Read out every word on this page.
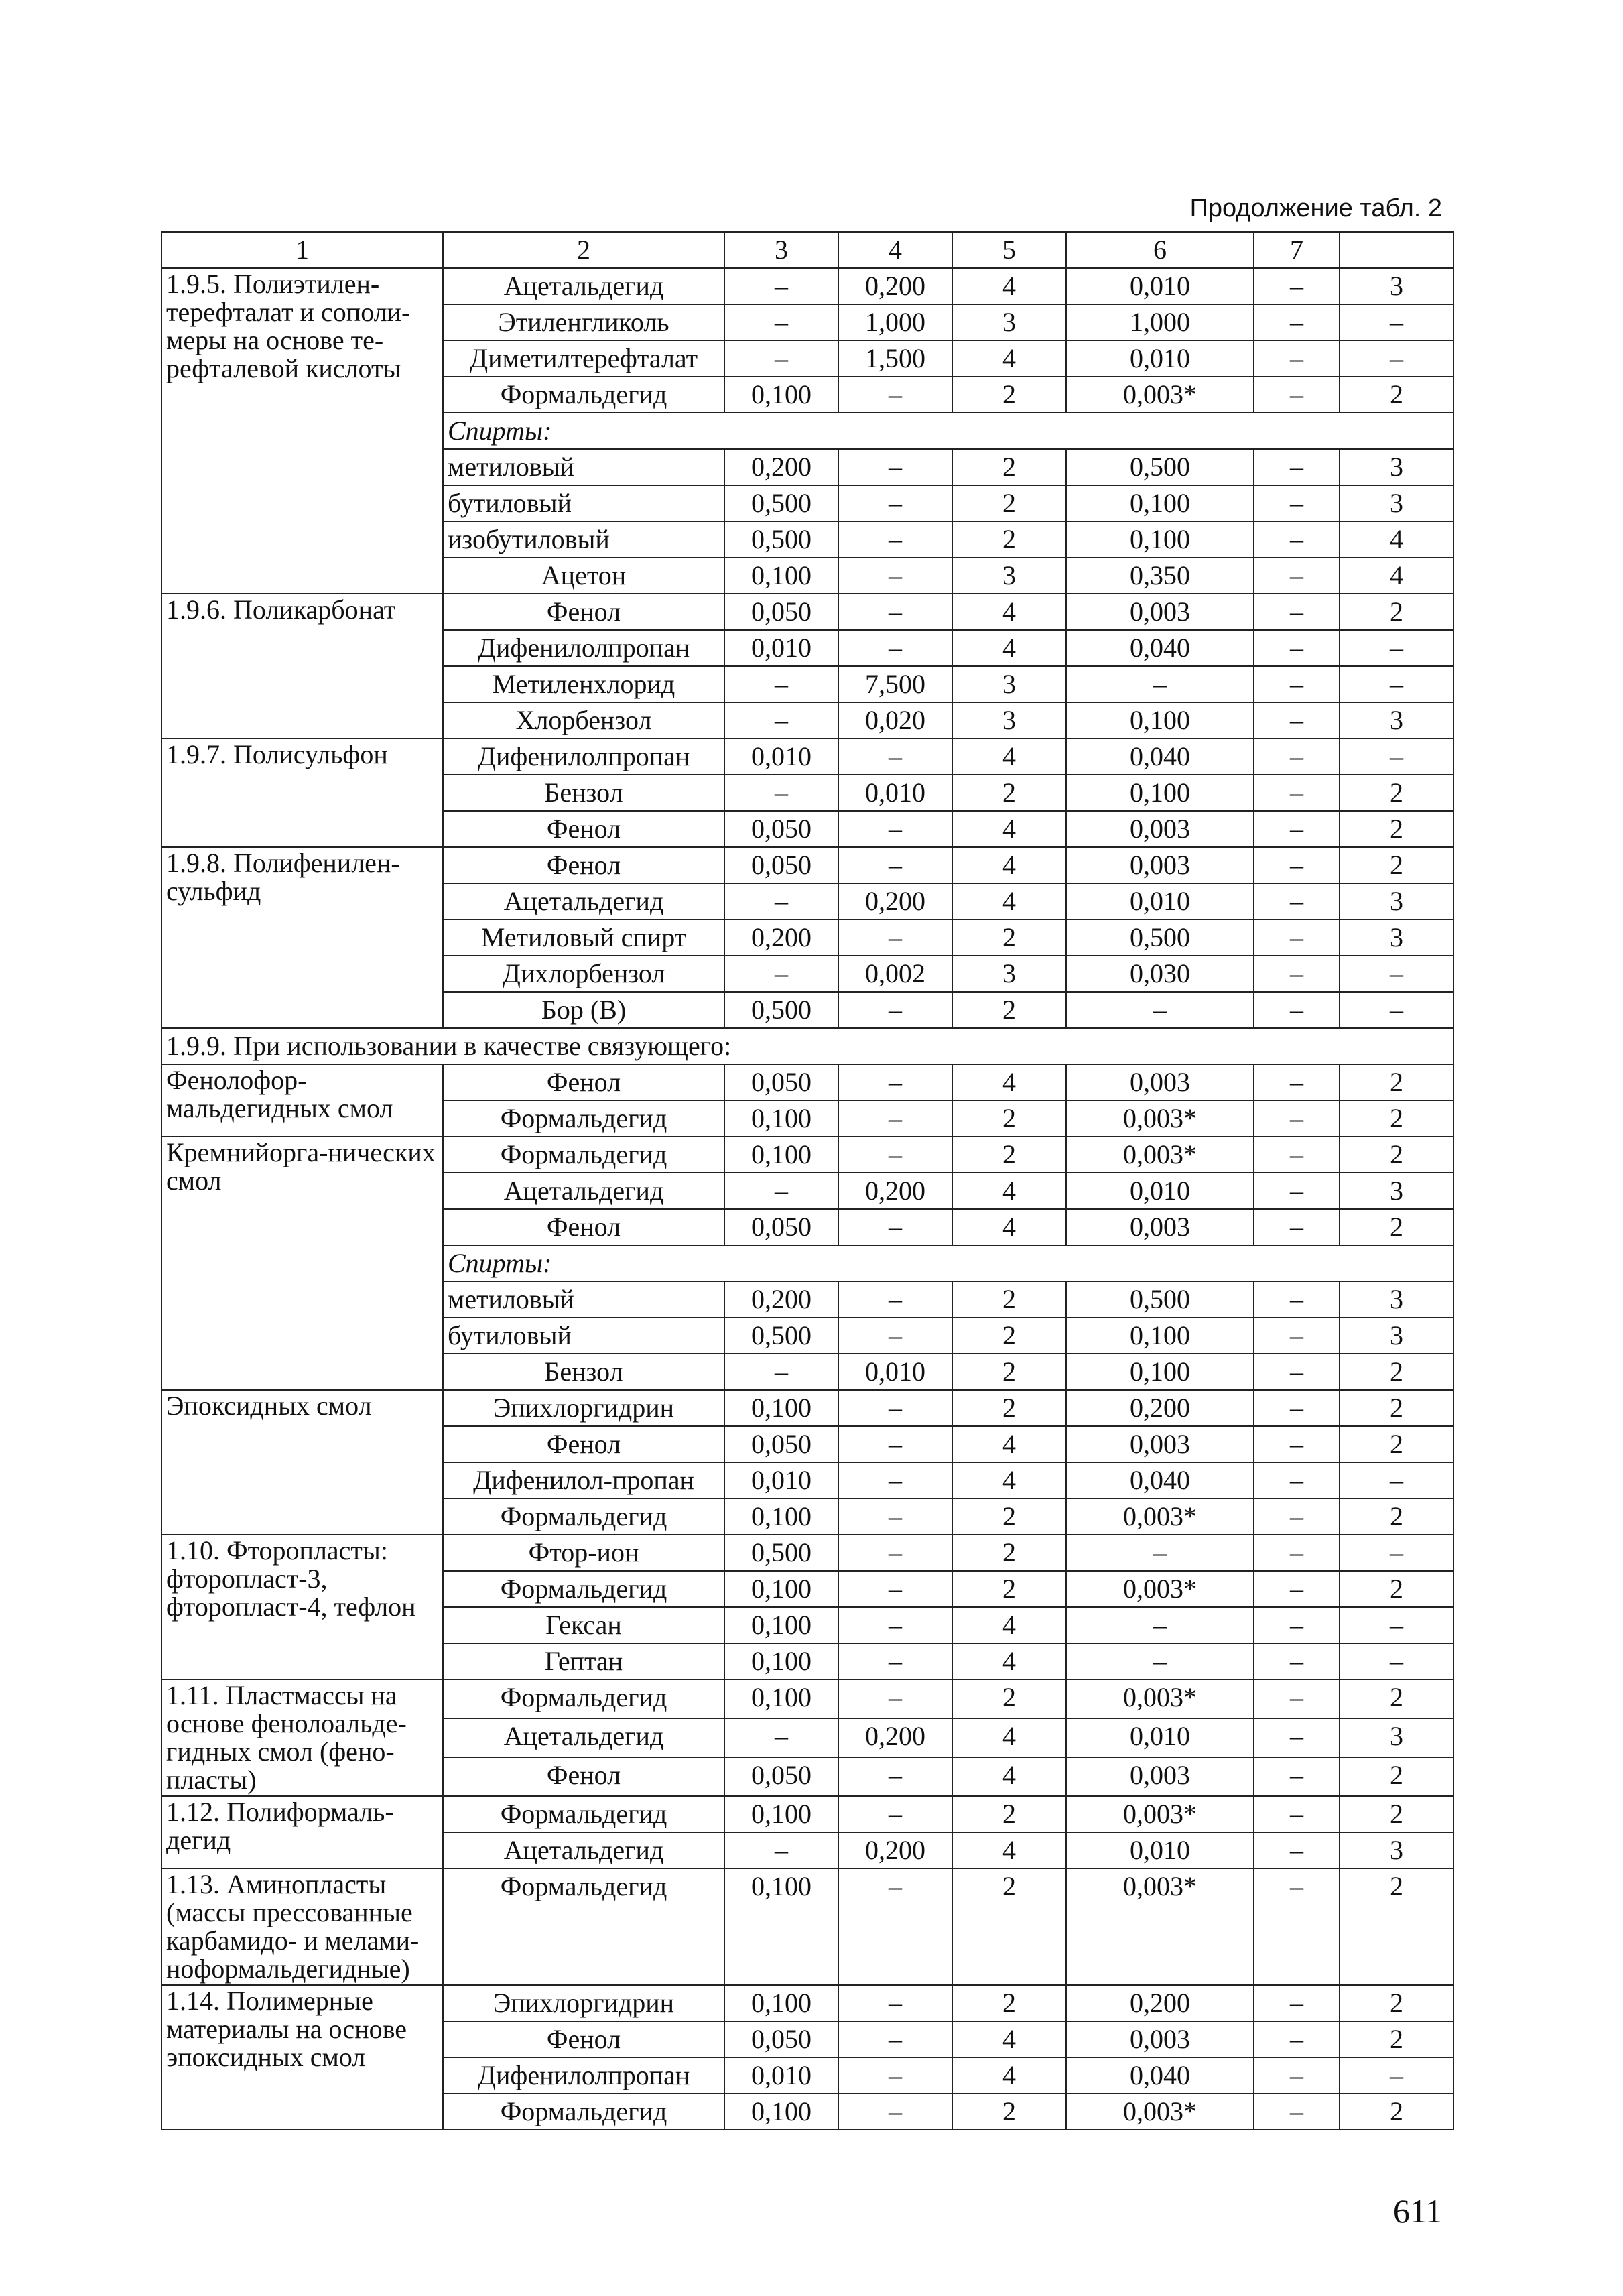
Продолжение табл. 2
1	2	3	4	5	6	7	
1.9.5. Полиэтилен-терефталат и сополи-меры на основе те-рефталевой кислоты	Ацетальдегид	–	0,200	4	0,010	–	3
	Этиленгликоль	–	1,000	3	1,000	–	–
	Диметилтерефталат	–	1,500	4	0,010	–	–
	Формальдегид	0,100	–	2	0,003*	–	2
	Спирты:						
	метиловый	0,200	–	2	0,500	–	3
	бутиловый	0,500	–	2	0,100	–	3
	изобутиловый	0,500	–	2	0,100	–	4
	Ацетон	0,100	–	3	0,350	–	4
1.9.6. Поликарбонат	Фенол	0,050	–	4	0,003	–	2
	Дифенилолпропан	0,010	–	4	0,040	–	–
	Метиленхлорид	–	7,500	3	–	–	–
	Хлорбензол	–	0,020	3	0,100	–	3
1.9.7. Полисульфон	Дифенилолпропан	0,010	–	4	0,040	–	–
	Бензол	–	0,010	2	0,100	–	2
	Фенол	0,050	–	4	0,003	–	2
1.9.8. Полифенилен-сульфид	Фенол	0,050	–	4	0,003	–	2
	Ацетальдегид	–	0,200	4	0,010	–	3
	Метиловый спирт	0,200	–	2	0,500	–	3
	Дихлорбензол	–	0,002	3	0,030	–	–
	Бор (В)	0,500	–	2	–	–	–
1.9.9. При использовании в качестве связующего:							
Фенолофор-мальдегидных смол	Фенол	0,050	–	4	0,003	–	2
	Формальдегид	0,100	–	2	0,003*	–	2
Кремнийорга-нических смол	Формальдегид	0,100	–	2	0,003*	–	2
	Ацетальдегид	–	0,200	4	0,010	–	3
	Фенол	0,050	–	4	0,003	–	2
	Спирты:						
	метиловый	0,200	–	2	0,500	–	3
	бутиловый	0,500	–	2	0,100	–	3
	Бензол	–	0,010	2	0,100	–	2
Эпоксидных смол	Эпихлоргидрин	0,100	–	2	0,200	–	2
	Фенол	0,050	–	4	0,003	–	2
	Дифенилол-пропан	0,010	–	4	0,040	–	–
	Формальдегид	0,100	–	2	0,003*	–	2
1.10. Фторопласты: фторопласт-3, фторопласт-4, тефлон	Фтор-ион	0,500	–	2	–	–	–
	Формальдегид	0,100	–	2	0,003*	–	2
	Гексан	0,100	–	4	–	–	–
	Гептан	0,100	–	4	–	–	–
1.11. Пластмассы на основе фенолоальде-гидных смол (фено-пласты)	Формальдегид	0,100	–	2	0,003*	–	2
	Ацетальдегид	–	0,200	4	0,010	–	3
	Фенол	0,050	–	4	0,003	–	2
1.12. Полиформаль-дегид	Формальдегид	0,100	–	2	0,003*	–	2
	Ацетальдегид	–	0,200	4	0,010	–	3
1.13. Аминопласты (массы прессованные карбамидо- и мелами-ноформальдегидные)	Формальдегид	0,100	–	2	0,003*	–	2
1.14. Полимерные материалы на основе эпоксидных смол	Эпихлоргидрин	0,100	–	2	0,200	–	2
	Фенол	0,050	–	4	0,003	–	2
	Дифенилолпропан	0,010	–	4	0,040	–	–
	Формальдегид	0,100	–	2	0,003*	–	2
611
